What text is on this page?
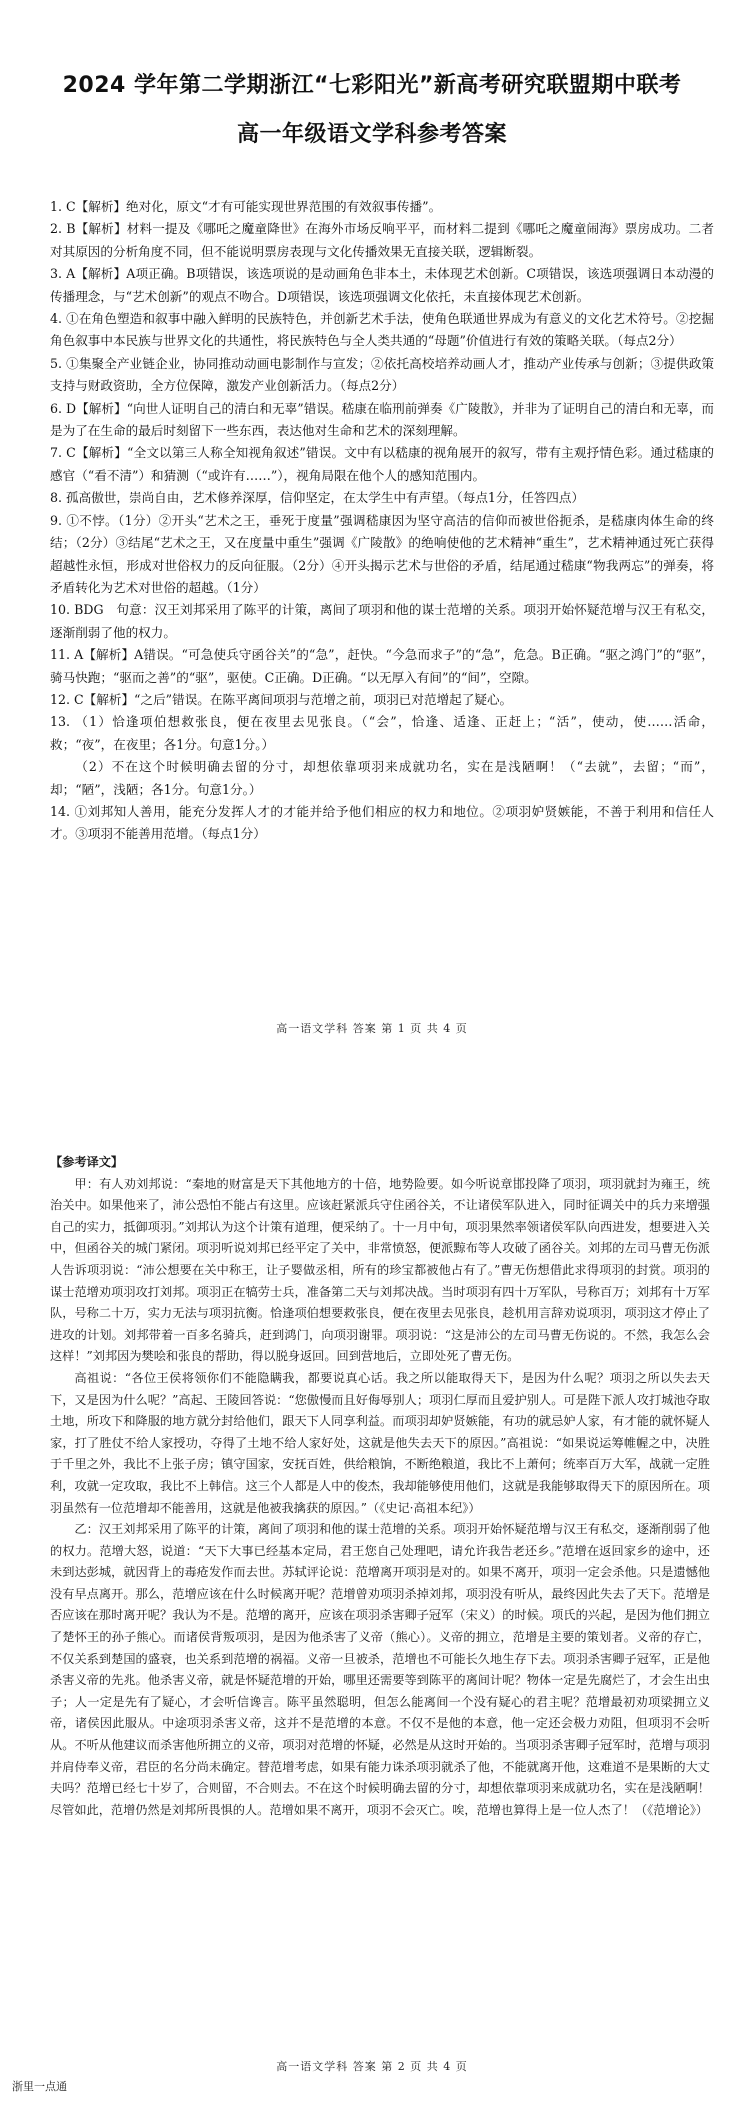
2024 学年第二学期浙江“七彩阳光”新高考研究联盟期中联考
高一年级语文学科参考答案

1. C【解析】绝对化，原文“才有可能实现世界范围的有效叙事传播”。

2. B【解析】材料一提及《哪吒之魔童降世》在海外市场反响平平，而材料二提到《哪吒之魔童闹海》票房成功。二者对其原因的分析角度不同，但不能说明票房表现与文化传播效果无直接关联，逻辑断裂。

3. A【解析】A项正确。B项错误，该选项说的是动画角色非本土，未体现艺术创新。C项错误，该选项强调日本动漫的传播理念，与“艺术创新”的观点不吻合。D项错误，该选项强调文化依托，未直接体现艺术创新。

4. ①在角色塑造和叙事中融入鲜明的民族特色，并创新艺术手法，使角色联通世界成为有意义的文化艺术符号。②挖掘角色叙事中本民族与世界文化的共通性，将民族特色与全人类共通的“母题”价值进行有效的策略关联。（每点2分）

5. ①集聚全产业链企业，协同推动动画电影制作与宣发；②依托高校培养动画人才，推动产业传承与创新；③提供政策支持与财政资助，全方位保障，激发产业创新活力。（每点2分）

6. D【解析】“向世人证明自己的清白和无辜”错误。嵇康在临刑前弹奏《广陵散》，并非为了证明自己的清白和无辜，而是为了在生命的最后时刻留下一些东西，表达他对生命和艺术的深刻理解。

7. C【解析】“全文以第三人称全知视角叙述”错误。文中有以嵇康的视角展开的叙写，带有主观抒情色彩。通过嵇康的感官（“看不清”）和猜测（“或许有……”），视角局限在他个人的感知范围内。

8. 孤高傲世，崇尚自由，艺术修养深厚，信仰坚定，在太学生中有声望。（每点1分，任答四点）

9. ①不悖。（1分）②开头“艺术之王，垂死于度量”强调嵇康因为坚守高洁的信仰而被世俗扼杀，是嵇康肉体生命的终结；（2分）③结尾“艺术之王，又在度量中重生”强调《广陵散》的绝响使他的艺术精神“重生”，艺术精神通过死亡获得超越性永恒，形成对世俗权力的反向征服。（2分）④开头揭示艺术与世俗的矛盾，结尾通过嵇康“物我两忘”的弹奏，将矛盾转化为艺术对世俗的超越。（1分）

10. BDG　句意：汉王刘邦采用了陈平的计策，离间了项羽和他的谋士范增的关系。项羽开始怀疑范增与汉王有私交，逐渐削弱了他的权力。

11. A【解析】A错误。“可急使兵守函谷关”的“急”，赶快。“今急而求子”的“急”，危急。B正确。“驱之鸿门”的“驱”，骑马快跑；“驱而之善”的“驱”，驱使。C正确。D正确。“以无厚入有间”的“间”，空隙。

12. C【解析】“之后”错误。在陈平离间项羽与范增之前，项羽已对范增起了疑心。

13. （1）恰逢项伯想救张良，便在夜里去见张良。（“会”，恰逢、适逢、正赶上；“活”，使动，使……活命，救；“夜”，在夜里；各1分。句意1分。）

（2）不在这个时候明确去留的分寸，却想依靠项羽来成就功名，实在是浅陋啊！（“去就”，去留；“而”，却；“陋”，浅陋；各1分。句意1分。）

14. ①刘邦知人善用，能充分发挥人才的才能并给予他们相应的权力和地位。②项羽妒贤嫉能，不善于利用和信任人才。③项羽不能善用范增。（每点1分）

高一语文学科 答案 第 1 页 共 4 页

【参考译文】

甲：有人劝刘邦说：“秦地的财富是天下其他地方的十倍，地势险要。如今听说章邯投降了项羽，项羽就封为雍王，统治关中。如果他来了，沛公恐怕不能占有这里。应该赶紧派兵守住函谷关，不让诸侯军队进入，同时征调关中的兵力来增强自己的实力，抵御项羽。”刘邦认为这个计策有道理，便采纳了。十一月中旬，项羽果然率领诸侯军队向西进发，想要进入关中，但函谷关的城门紧闭。项羽听说刘邦已经平定了关中，非常愤怒，便派黥布等人攻破了函谷关。刘邦的左司马曹无伤派人告诉项羽说：“沛公想要在关中称王，让子婴做丞相，所有的珍宝都被他占有了。”曹无伤想借此求得项羽的封赏。项羽的谋士范增劝项羽攻打刘邦。项羽正在犒劳士兵，准备第二天与刘邦决战。当时项羽有四十万军队，号称百万；刘邦有十万军队，号称二十万，实力无法与项羽抗衡。恰逢项伯想要救张良，便在夜里去见张良，趁机用言辞劝说项羽，项羽这才停止了进攻的计划。刘邦带着一百多名骑兵，赶到鸿门，向项羽谢罪。项羽说：“这是沛公的左司马曹无伤说的。不然，我怎么会这样！”刘邦因为樊哙和张良的帮助，得以脱身返回。回到营地后，立即处死了曹无伤。

高祖说：“各位王侯将领你们不能隐瞒我，都要说真心话。我之所以能取得天下，是因为什么呢？项羽之所以失去天下，又是因为什么呢？”高起、王陵回答说：“您傲慢而且好侮辱别人；项羽仁厚而且爱护别人。可是陛下派人攻打城池夺取土地，所攻下和降服的地方就分封给他们，跟天下人同享利益。而项羽却妒贤嫉能，有功的就忌妒人家，有才能的就怀疑人家，打了胜仗不给人家授功，夺得了土地不给人家好处，这就是他失去天下的原因。”高祖说：“如果说运筹帷幄之中，决胜于千里之外，我比不上张子房；镇守国家，安抚百姓，供给粮饷，不断绝粮道，我比不上萧何；统率百万大军，战就一定胜利，攻就一定攻取，我比不上韩信。这三个人都是人中的俊杰，我却能够使用他们，这就是我能够取得天下的原因所在。项羽虽然有一位范增却不能善用，这就是他被我擒获的原因。”（《史记·高祖本纪》）

乙：汉王刘邦采用了陈平的计策，离间了项羽和他的谋士范增的关系。项羽开始怀疑范增与汉王有私交，逐渐削弱了他的权力。范增大怒，说道：“天下大事已经基本定局，君王您自己处理吧，请允许我告老还乡。”范增在返回家乡的途中，还未到达彭城，就因背上的毒疮发作而去世。苏轼评论说：范增离开项羽是对的。如果不离开，项羽一定会杀他。只是遗憾他没有早点离开。那么，范增应该在什么时候离开呢？范增曾劝项羽杀掉刘邦，项羽没有听从，最终因此失去了天下。范增是否应该在那时离开呢？我认为不是。范增的离开，应该在项羽杀害卿子冠军（宋义）的时候。项氏的兴起，是因为他们拥立了楚怀王的孙子熊心。而诸侯背叛项羽，是因为他杀害了义帝（熊心）。义帝的拥立，范增是主要的策划者。义帝的存亡，不仅关系到楚国的盛衰，也关系到范增的祸福。义帝一旦被杀，范增也不可能长久地生存下去。项羽杀害卿子冠军，正是他杀害义帝的先兆。他杀害义帝，就是怀疑范增的开始，哪里还需要等到陈平的离间计呢？物体一定是先腐烂了，才会生出虫子；人一定是先有了疑心，才会听信谗言。陈平虽然聪明，但怎么能离间一个没有疑心的君主呢？范增最初劝项梁拥立义帝，诸侯因此服从。中途项羽杀害义帝，这并不是范增的本意。不仅不是他的本意，他一定还会极力劝阻，但项羽不会听从。不听从他建议而杀害他所拥立的义帝，项羽对范增的怀疑，必然是从这时开始的。当项羽杀害卿子冠军时，范增与项羽并肩侍奉义帝，君臣的名分尚未确定。替范增考虑，如果有能力诛杀项羽就杀了他，不能就离开他，这难道不是果断的大丈夫吗？范增已经七十岁了，合则留，不合则去。不在这个时候明确去留的分寸，却想依靠项羽来成就功名，实在是浅陋啊！尽管如此，范增仍然是刘邦所畏惧的人。范增如果不离开，项羽不会灭亡。唉，范增也算得上是一位人杰了！（《范增论》）

高一语文学科 答案 第 2 页 共 4 页
浙里一点通
